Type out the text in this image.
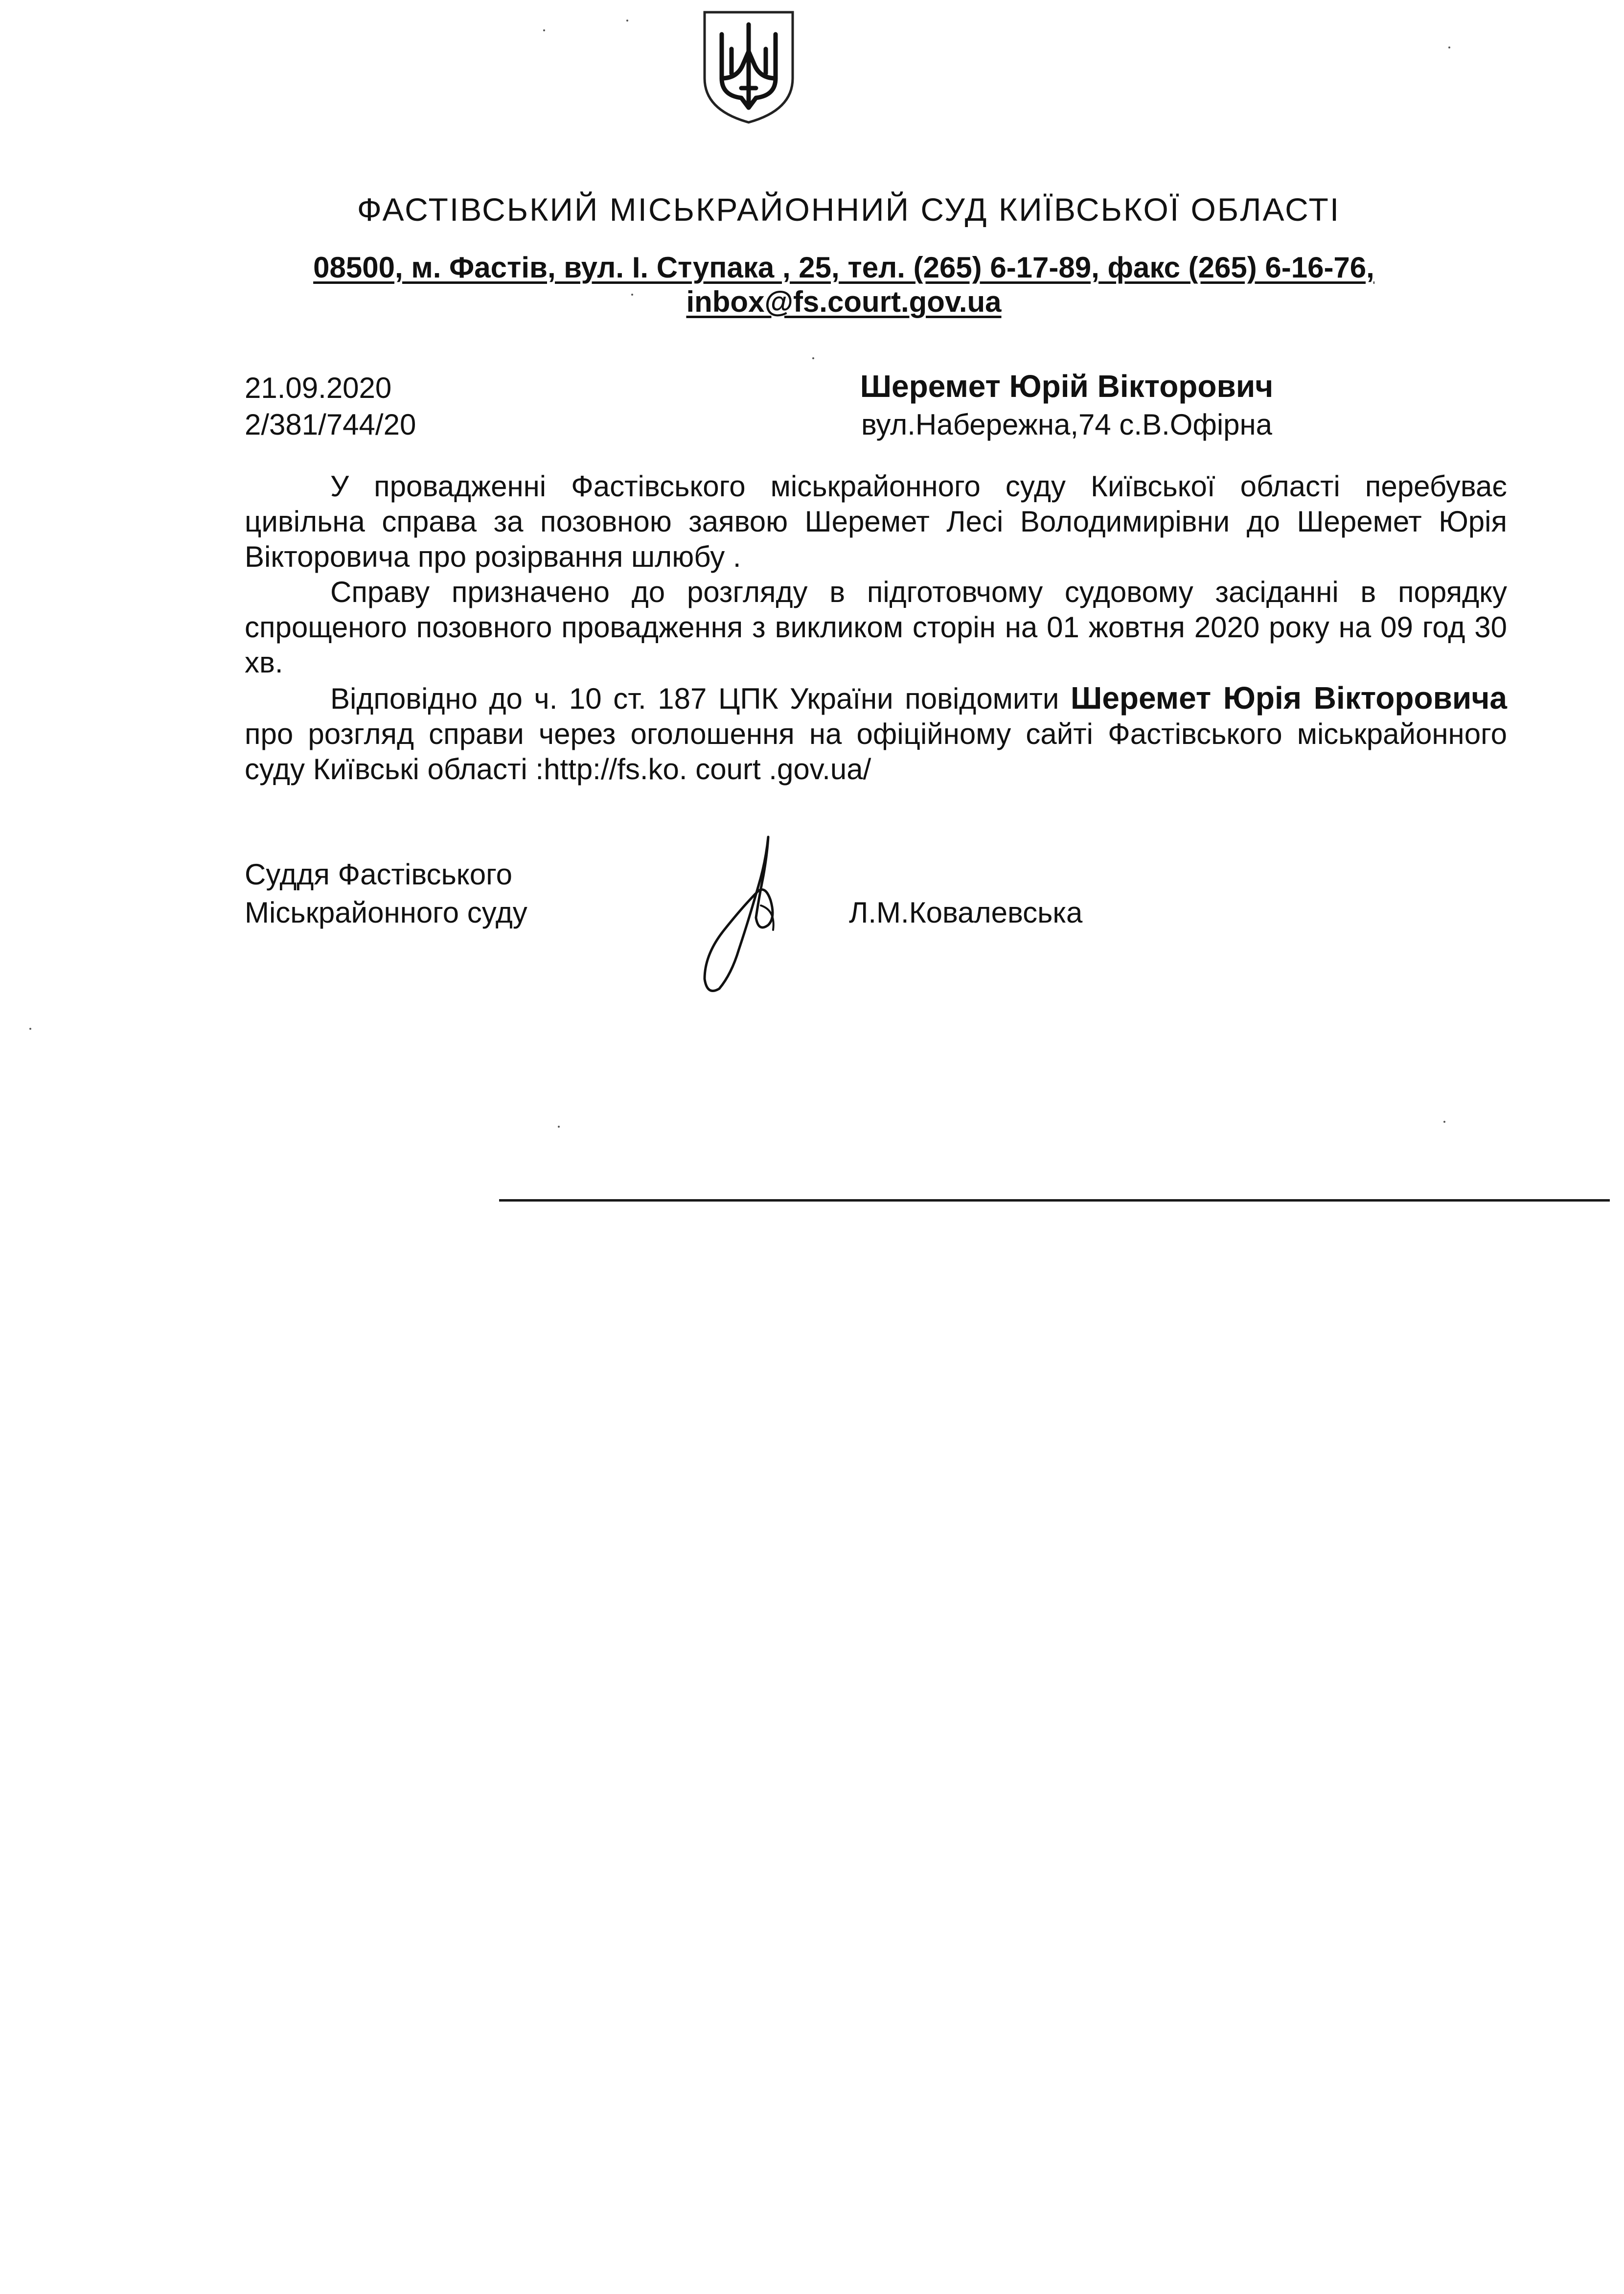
ФАСТІВСЬКИЙ МІСЬКРАЙОННИЙ СУД КИЇВСЬКОЇ ОБЛАСТІ
08500, м. Фастів, вул. І. Ступака , 25, тел. (265) 6-17-89, факс (265) 6-16-76,
inbox@fs.court.gov.ua
21.09.2020
2/381/744/20
Шеремет Юрій Вікторович
вул.Набережна,74 с.В.Офірна

У провадженні Фастівського міськрайонного суду Київської області перебуває цивільна справа за позовною заявою Шеремет Лесі Володимирівни до Шеремет Юрія Вікторовича про розірвання шлюбу .

Справу призначено до розгляду в підготовчому судовому засіданні в порядку спрощеного позовного провадження з викликом сторін на 01 жовтня 2020 року на 09 год 30 хв.

Відповідно до ч. 10 ст. 187 ЦПК України повідомити Шеремет Юрія Вікторовича про розгляд справи через оголошення на офіційному сайті Фастівського міськрайонного суду Київські області :http://fs.ko. court .gov.ua/

Суддя Фастівського
Міськрайонного суду	Л.М.Ковалевська
